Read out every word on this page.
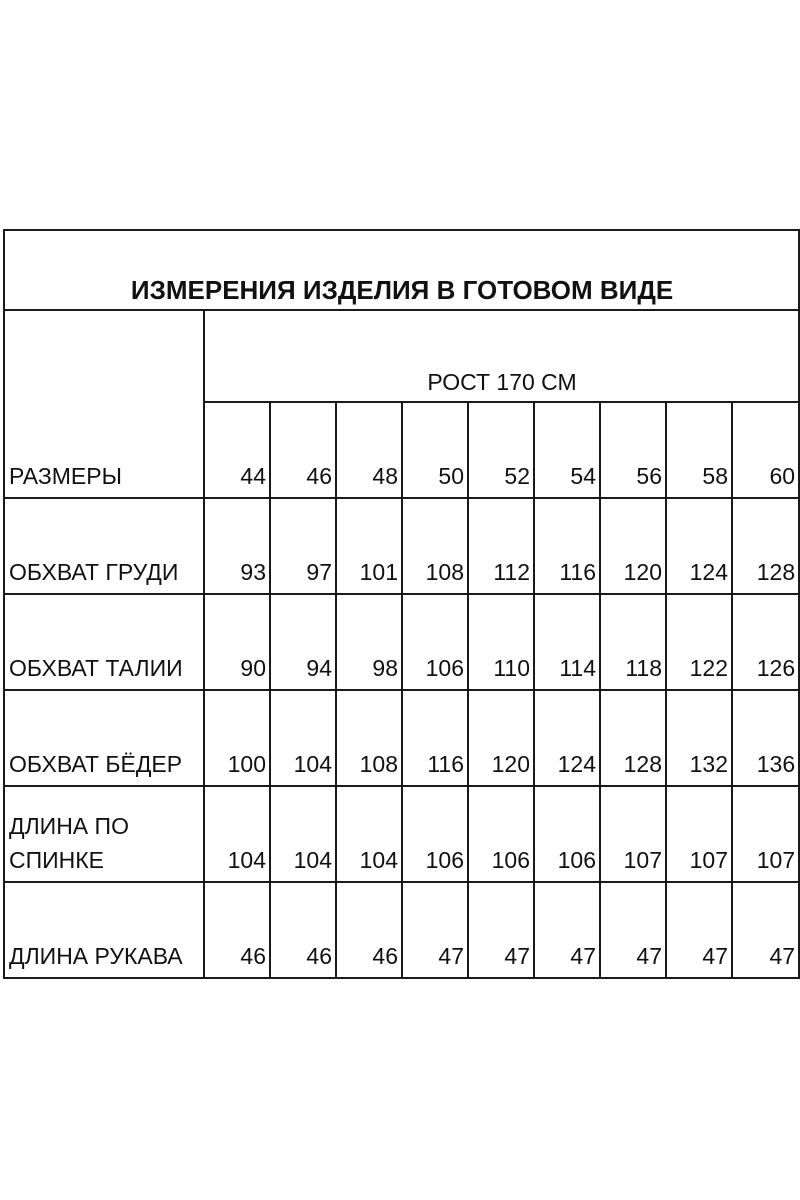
ИЗМЕРЕНИЯ ИЗДЕЛИЯ В ГОТОВОМ ВИДЕ									
РАЗМЕРЫ	РОСТ 170 СМ								
	44	46	48	50	52	54	56	58	60
ОБХВАТ ГРУДИ	93	97	101	108	112	116	120	124	128
ОБХВАТ ТАЛИИ	90	94	98	106	110	114	118	122	126
ОБХВАТ БЁДЕР	100	104	108	116	120	124	128	132	136
ДЛИНА ПО СПИНКЕ	104	104	104	106	106	106	107	107	107
ДЛИНА РУКАВА	46	46	46	47	47	47	47	47	47
